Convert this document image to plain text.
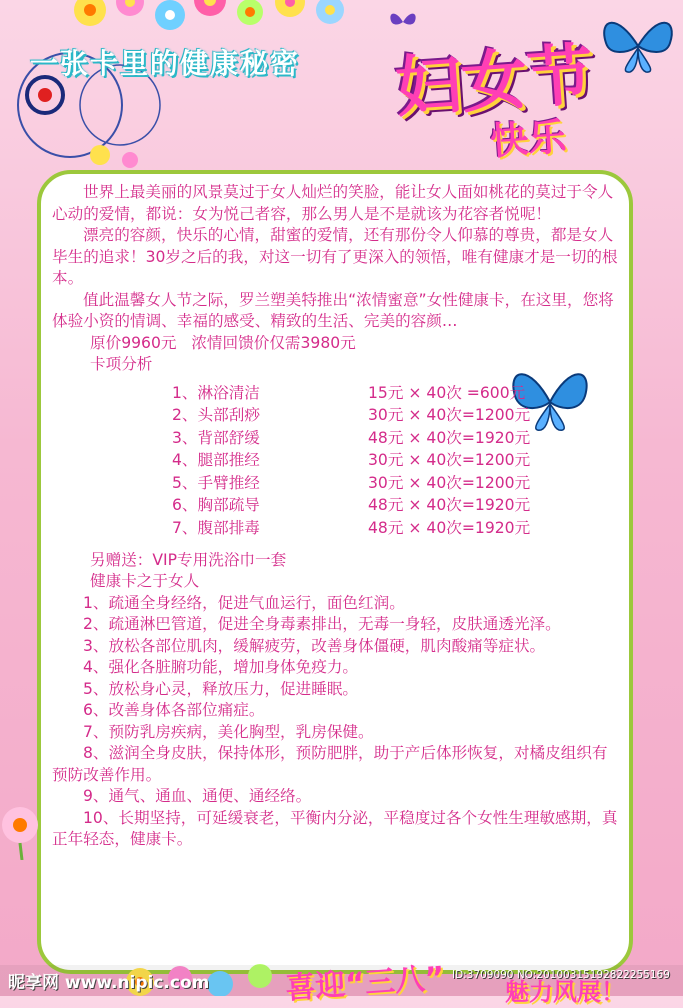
一张卡里的健康秘密 妇女节
快乐

世界上最美丽的风景莫过于女人灿烂的笑脸，能让女人面如桃花的莫过于令人心动的爱情，都说：女为悦己者容，那么男人是不是就该为花容者悦呢！

漂亮的容颜，快乐的心情，甜蜜的爱情，还有那份令人仰慕的尊贵，都是女人毕生的追求！30岁之后的我，对这一切有了更深入的领悟，唯有健康才是一切的根本。

值此温馨女人节之际，罗兰塑美特推出“浓情蜜意”女性健康卡，在这里，您将体验小资的情调、幸福的感受、精致的生活、完美的容颜…

原价9960元   浓情回馈价仅需3980元

卡项分析

1、淋浴清洁	15元 × 40次 =600元
2、头部刮痧	30元 × 40次=1200元
3、背部舒缓	48元 × 40次=1920元
4、腿部推经	30元 × 40次=1200元
5、手臂推经	30元 × 40次=1200元
6、胸部疏导	48元 × 40次=1920元
7、腹部排毒	48元 × 40次=1920元

另赠送：VIP专用洗浴巾一套

健康卡之于女人

1、疏通全身经络，促进气血运行，面色红润。

2、疏通淋巴管道，促进全身毒素排出，无毒一身轻，皮肤通透光泽。

3、放松各部位肌肉，缓解疲劳，改善身体僵硬，肌肉酸痛等症状。

4、强化各脏腑功能，增加身体免疫力。

5、放松身心灵，释放压力，促进睡眠。

6、改善身体各部位痛症。

7、预防乳房疾病，美化胸型，乳房保健。

8、滋润全身皮肤，保持体形，预防肥胖，助于产后体形恢复，对橘皮组织有预防改善作用。

9、通气、通血、通便、通经络。

10、长期坚持，可延缓衰老，平衡内分泌，平稳度过各个女性生理敏感期，真正年轻态，健康卡。

喜迎“三八” 魅力风展！
昵享网 www.nipic.com	ID:3709090 NO:20100315192822255169
